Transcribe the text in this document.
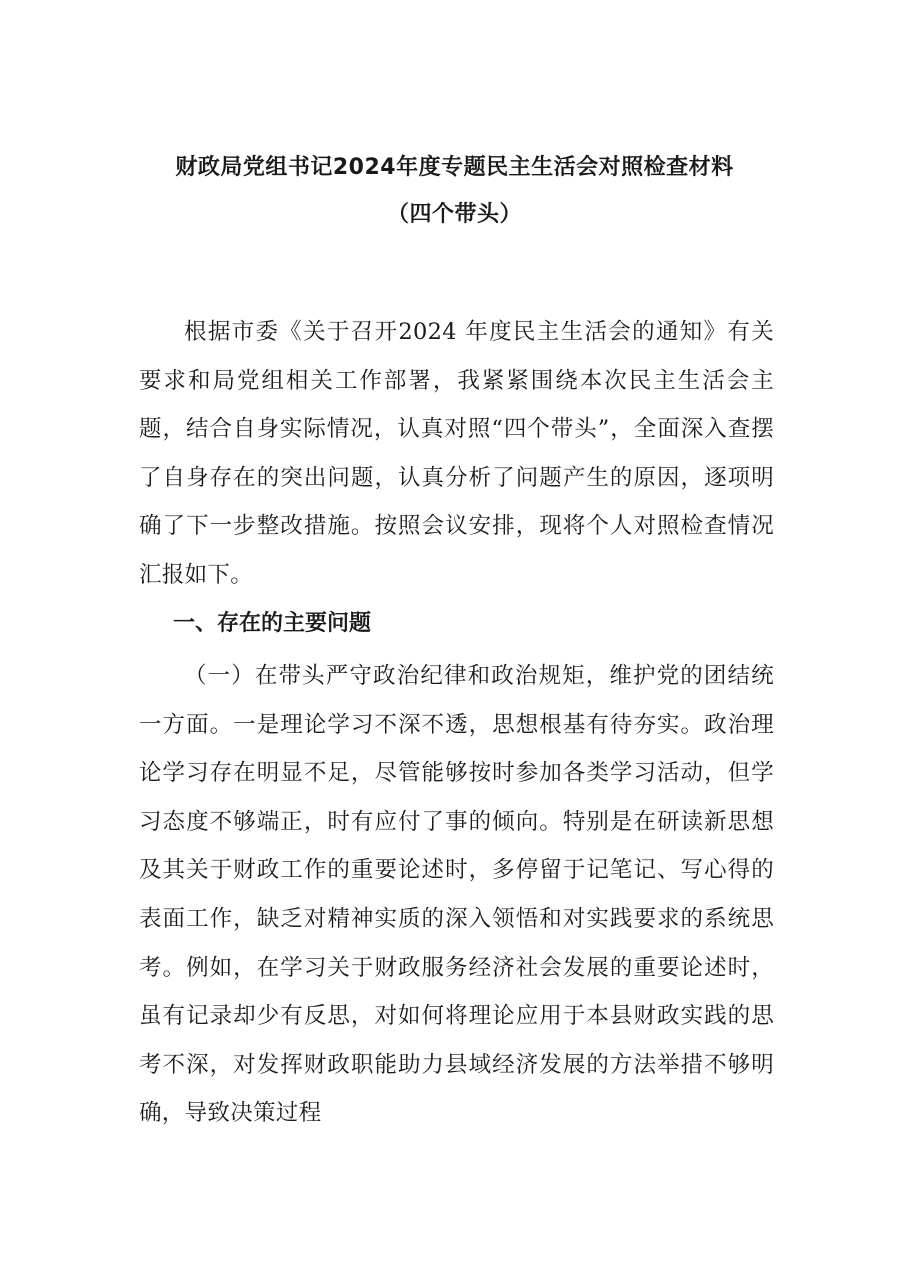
财政局党组书记2024年度专题民主生活会对照检查材料
（四个带头）

根据市委《关于召开2024 年度民主生活会的通知》有关要求和局党组相关工作部署，我紧紧围绕本次民主生活会主题，结合自身实际情况，认真对照“四个带头”，全面深入查摆了自身存在的突出问题，认真分析了问题产生的原因，逐项明确了下一步整改措施。按照会议安排，现将个人对照检查情况汇报如下。

一、存在的主要问题

（一）在带头严守政治纪律和政治规矩，维护党的团结统一方面。一是理论学习不深不透，思想根基有待夯实。政治理论学习存在明显不足，尽管能够按时参加各类学习活动，但学习态度不够端正，时有应付了事的倾向。特别是在研读新思想及其关于财政工作的重要论述时，多停留于记笔记、写心得的表面工作，缺乏对精神实质的深入领悟和对实践要求的系统思考。例如，在学习关于财政服务经济社会发展的重要论述时，虽有记录却少有反思，对如何将理论应用于本县财政实践的思考不深，对发挥财政职能助力县域经济发展的方法举措不够明确，导致决策过程
